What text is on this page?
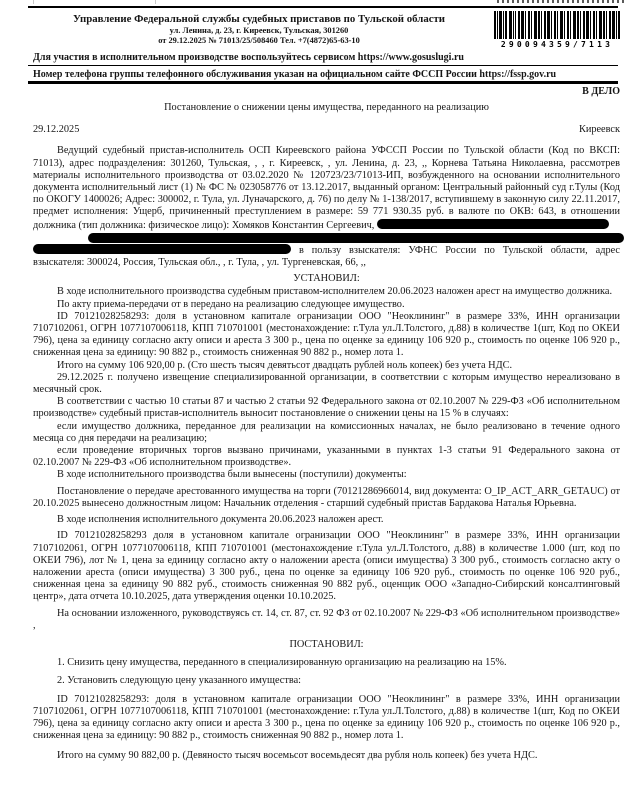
Управление Федеральной службы судебных приставов по Тульской области
ул. Ленина, д. 23, г. Киреевск, Тульская, 301260
от 29.12.2025 № 71013/25/508460 Тел. +7(4872)65-63-10	290094359/7113
Для участия в исполнительном производстве воспользуйтесь сервисом https://www.gosuslugi.ru
Номер телефона группы телефонного обслуживания указан на официальном сайте ФССП России https://fssp.gov.ru
В ДЕЛО
Постановление о снижении цены имущества, переданного на реализацию
29.12.2025	Киреевск

Ведущий судебный пристав-исполнитель ОСП Киреевского района УФССП России по Тульской области (Код по ВКСП: 71013), адрес подразделения: 301260, Тульская, , , г. Киреевск, , ул. Ленина, д. 23, ,, Корнева Татьяна Николаевна, рассмотрев материалы исполнительного производства от 03.02.2020 № 120723/23/71013-ИП, возбужденного на основании исполнительного документа исполнительный лист (1) № ФС № 023058776 от 13.12.2017, выданный органом: Центральный районный суд г.Тулы (Код по ОКОГУ 1400026; Адрес: 300002, г. Тула, ул. Луначарского, д. 76) по делу № 1-138/2017, вступившему в законную силу 22.11.2017, предмет исполнения: Ущерб, причиненный преступлением в размере: 59 771 930.35 руб. в валюте по ОКВ: 643, в отношении должника (тип должника: физическое лицо): Хомяков Константин Сергеевич,

в пользу взыскателя: УФНС России по Тульской области, адрес взыскателя: 300024, Россия, Тульская обл., , г. Тула, , ул. Тургеневская, 66, ,,

УСТАНОВИЛ:

В ходе исполнительного производства судебным приставом-исполнителем 20.06.2023 наложен арест на имущество должника.

По акту приема-передачи от в передано на реализацию следующее имущество.

ID 70121028258293: доля в установном капитале огранизации ООО "Неоклининг" в размере 33%, ИНН организации 7107102061, ОГРН 1077107006118, КПП 710701001 (местонахождение: г.Тула ул.Л.Толстого, д.88) в количестве 1(шт, Код по ОКЕИ 796), цена за единицу согласно акту описи и ареста 3 300 р., цена по оценке за единицу 106 920 р., стоимость по оценке 106 920 р., сниженная цена за единицу: 90 882 р., стоимость сниженная 90 882 р., номер лота 1.

Итого на сумму 106 920,00 р. (Сто шесть тысяч девятьсот двадцать рублей ноль копеек) без учета НДС.

29.12.2025 г. получено извещение специализированной организации, в соответствии с которым имущество нереализовано в месячный срок.

В соответствии с частью 10 статьи 87 и частью 2 статьи 92 Федерального закона от 02.10.2007 № 229-ФЗ «Об исполнительном производстве» судебный пристав-исполнитель выносит постановление о снижении цены на 15 % в случаях:

если имущество должника, переданное для реализации на комиссионных началах, не было реализовано в течение одного месяца со дня передачи на реализацию;

если проведение вторичных торгов вызвано причинами, указанными в пунктах 1-3 статьи 91 Федерального закона от 02.10.2007 № 229-ФЗ «Об исполнительном производстве».

В ходе исполнительного производства были вынесены (поступили) документы:

Постановление о передаче арестованного имущества на торги (70121286966014, вид документа: O_IP_ACT_ARR_GETAUC) от 20.10.2025 вынесено должностным лицом: Начальник отделения - старший судебный пристав Бардакова Наталья Юрьевна.

В ходе исполнения исполнительного документа 20.06.2023 наложен арест.

ID 70121028258293 доля в установном капитале огранизации ООО "Неоклининг" в размере 33%, ИНН организации 7107102061, ОГРН 1077107006118, КПП 710701001 (местонахождение г.Тула ул.Л.Толстого, д.88) в количестве 1.000 (шт, код по ОКЕИ 796), лот № 1, цена за единицу согласно акту о наложении ареста (описи имущества) 3 300 руб., стоимость согласно акту о наложении ареста (описи имущества) 3 300 руб., цена по оценке за единицу 106 920 руб., стоимость по оценке 106 920 руб., сниженная цена за единицу 90 882 руб., стоимость сниженная 90 882 руб., оценщик ООО «Западно-Сибирский консалтинговый центр», дата отчета 10.10.2025, дата утверждения оценки 10.10.2025.

На основании изложенного, руководствуясь ст. 14, ст. 87, ст. 92 ФЗ от 02.10.2007 № 229-ФЗ «Об исполнительном производстве» ,

ПОСТАНОВИЛ:

1. Снизить цену имущества, переданного в специализированную организацию на реализацию на 15%.

2. Установить следующую цену указанного имущества:

ID 70121028258293: доля в установном капитале огранизации ООО "Неоклининг" в размере 33%, ИНН организации 7107102061, ОГРН 1077107006118, КПП 710701001 (местонахождение: г.Тула ул.Л.Толстого, д.88) в количестве 1(шт, Код по ОКЕИ 796), цена за единицу согласно акту описи и ареста 3 300 р., цена по оценке за единицу 106 920 р., стоимость по оценке 106 920 р., сниженная цена за единицу: 90 882 р., стоимость сниженная 90 882 р., номер лота 1.

Итого на сумму 90 882,00 р. (Девяносто тысяч восемьсот восемьдесят два рубля ноль копеек) без учета НДС.
